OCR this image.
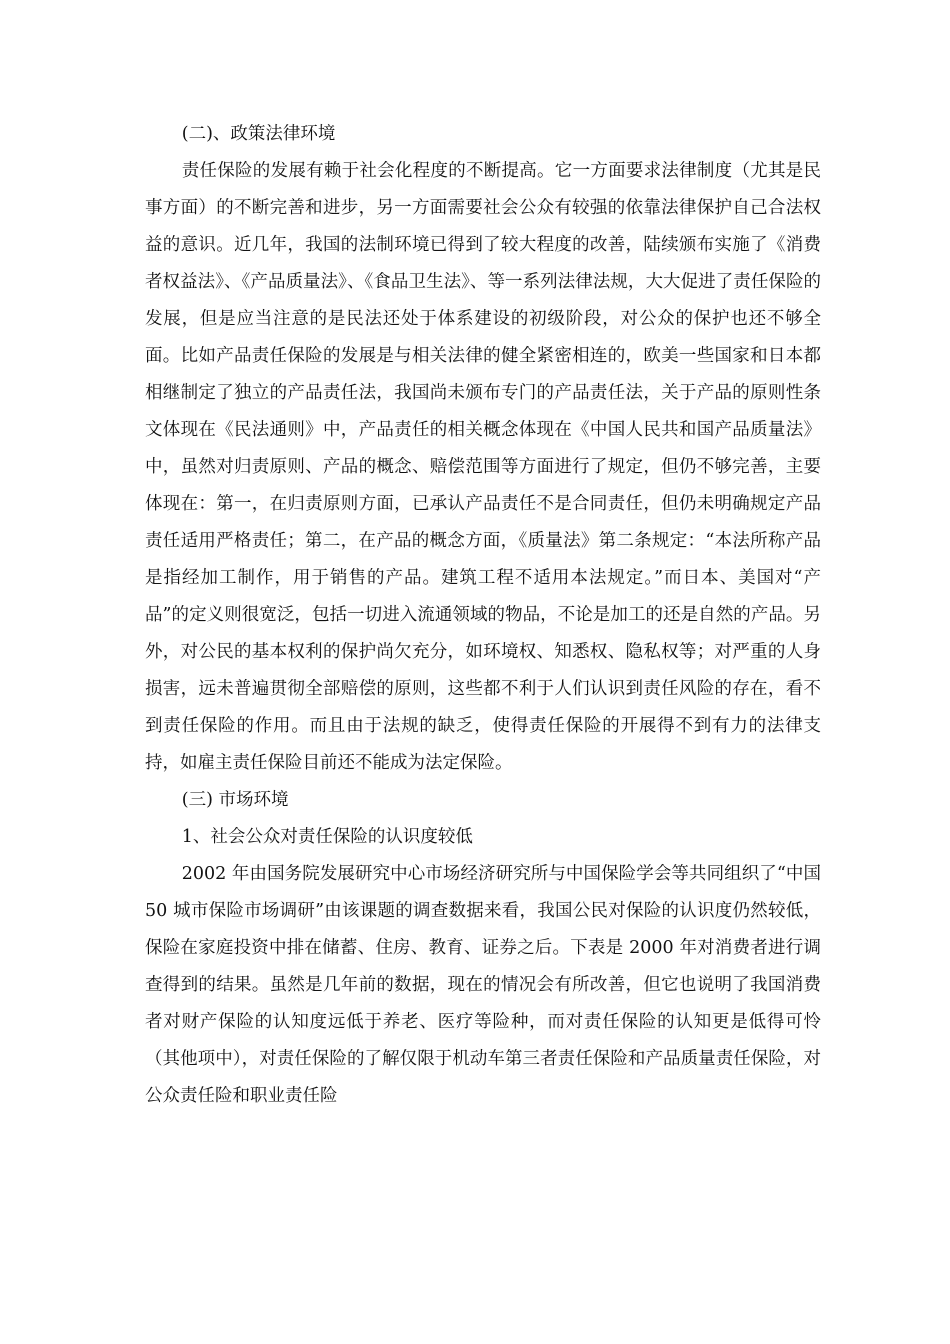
(二)、政策法律环境

责任保险的发展有赖于社会化程度的不断提高。它一方面要求法律制度（尤其是民事方面）的不断完善和进步，另一方面需要社会公众有较强的依靠法律保护自己合法权益的意识。近几年，我国的法制环境已得到了较大程度的改善，陆续颁布实施了《消费者权益法》、《产品质量法》、《食品卫生法》、等一系列法律法规，大大促进了责任保险的发展，但是应当注意的是民法还处于体系建设的初级阶段，对公众的保护也还不够全面。比如产品责任保险的发展是与相关法律的健全紧密相连的，欧美一些国家和日本都相继制定了独立的产品责任法，我国尚未颁布专门的产品责任法，关于产品的原则性条文体现在《民法通则》中，产品责任的相关概念体现在《中国人民共和国产品质量法》中，虽然对归责原则、产品的概念、赔偿范围等方面进行了规定，但仍不够完善，主要体现在：第一，在归责原则方面，已承认产品责任不是合同责任，但仍未明确规定产品责任适用严格责任；第二，在产品的概念方面，《质量法》第二条规定：“本法所称产品是指经加工制作，用于销售的产品。建筑工程不适用本法规定。”而日本、美国对“产品”的定义则很宽泛，包括一切进入流通领域的物品，不论是加工的还是自然的产品。另外，对公民的基本权利的保护尚欠充分，如环境权、知悉权、隐私权等；对严重的人身损害，远未普遍贯彻全部赔偿的原则，这些都不利于人们认识到责任风险的存在，看不到责任保险的作用。而且由于法规的缺乏，使得责任保险的开展得不到有力的法律支持，如雇主责任保险目前还不能成为法定保险。

(三) 市场环境

1、社会公众对责任保险的认识度较低

2002 年由国务院发展研究中心市场经济研究所与中国保险学会等共同组织了“中国 50 城市保险市场调研”由该课题的调查数据来看，我国公民对保险的认识度仍然较低，保险在家庭投资中排在储蓄、住房、教育、证券之后。下表是 2000 年对消费者进行调查得到的结果。虽然是几年前的数据，现在的情况会有所改善，但它也说明了我国消费者对财产保险的认知度远低于养老、医疗等险种，而对责任保险的认知更是低得可怜（其他项中），对责任保险的了解仅限于机动车第三者责任保险和产品质量责任保险，对公众责任险和职业责任险
